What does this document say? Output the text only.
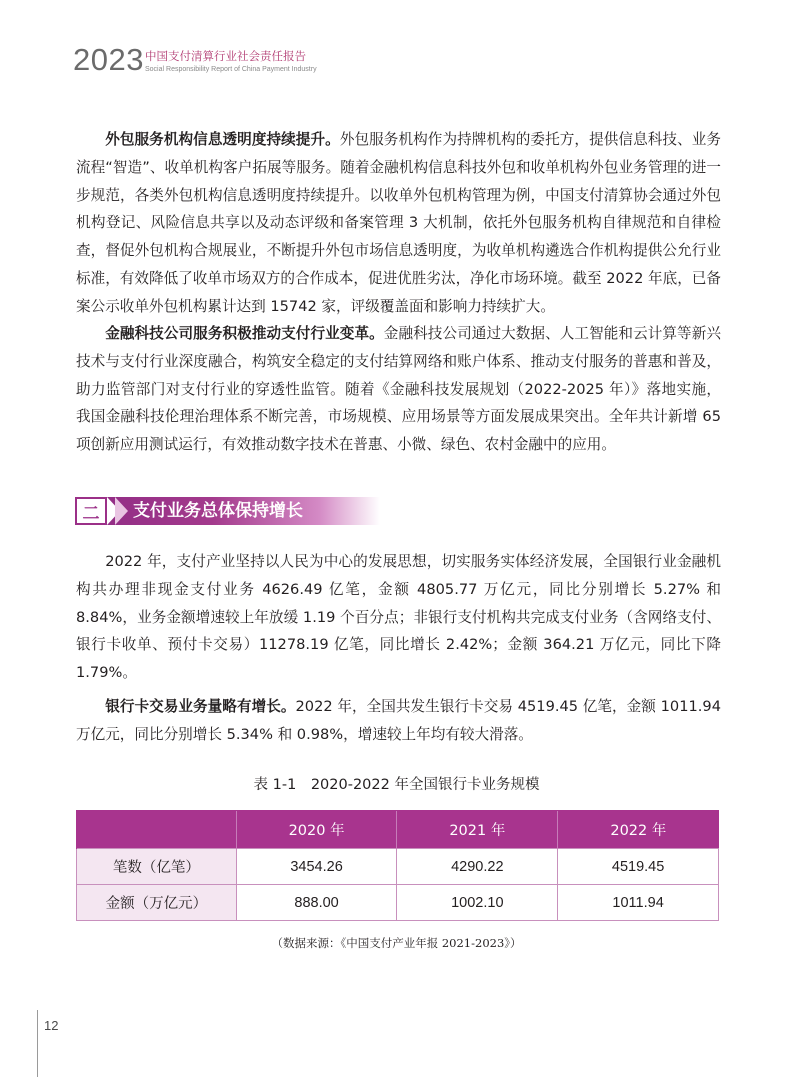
2023 中国支付清算行业社会责任报告
Social Responsibility Report of China Payment Industry
外包服务机构信息透明度持续提升。外包服务机构作为持牌机构的委托方，提供信息科技、业务流程“智造”、收单机构客户拓展等服务。随着金融机构信息科技外包和收单机构外包业务管理的进一步规范，各类外包机构信息透明度持续提升。以收单外包机构管理为例，中国支付清算协会通过外包机构登记、风险信息共享以及动态评级和备案管理 3 大机制，依托外包服务机构自律规范和自律检查，督促外包机构合规展业，不断提升外包市场信息透明度，为收单机构遴选合作机构提供公允行业标准，有效降低了收单市场双方的合作成本，促进优胜劣汰，净化市场环境。截至 2022 年底，已备案公示收单外包机构累计达到 15742 家，评级覆盖面和影响力持续扩大。
金融科技公司服务积极推动支付行业变革。金融科技公司通过大数据、人工智能和云计算等新兴技术与支付行业深度融合，构筑安全稳定的支付结算网络和账户体系、推动支付服务的普惠和普及，助力监管部门对支付行业的穿透性监管。随着《金融科技发展规划（2022-2025 年）》落地实施，我国金融科技伦理治理体系不断完善，市场规模、应用场景等方面发展成果突出。全年共计新增 65 项创新应用测试运行，有效推动数字技术在普惠、小微、绿色、农村金融中的应用。
二	支付业务总体保持增长
2022 年，支付产业坚持以人民为中心的发展思想，切实服务实体经济发展，全国银行业金融机构共办理非现金支付业务 4626.49 亿笔，金额 4805.77 万亿元，同比分别增长 5.27% 和 8.84%，业务金额增速较上年放缓 1.19 个百分点；非银行支付机构共完成支付业务（含网络支付、银行卡收单、预付卡交易）11278.19 亿笔，同比增长 2.42%；金额 364.21 万亿元，同比下降 1.79%。
银行卡交易业务量略有增长。2022 年，全国共发生银行卡交易 4519.45 亿笔，金额 1011.94 万亿元，同比分别增长 5.34% 和 0.98%，增速较上年均有较大滑落。
表 1-1　2020-2022 年全国银行卡业务规模
	2020 年	2021 年	2022 年
笔数（亿笔）	3454.26	4290.22	4519.45
金额（万亿元）	888.00	1002.10	1011.94
（数据来源：《中国支付产业年报 2021-2023》）
12
